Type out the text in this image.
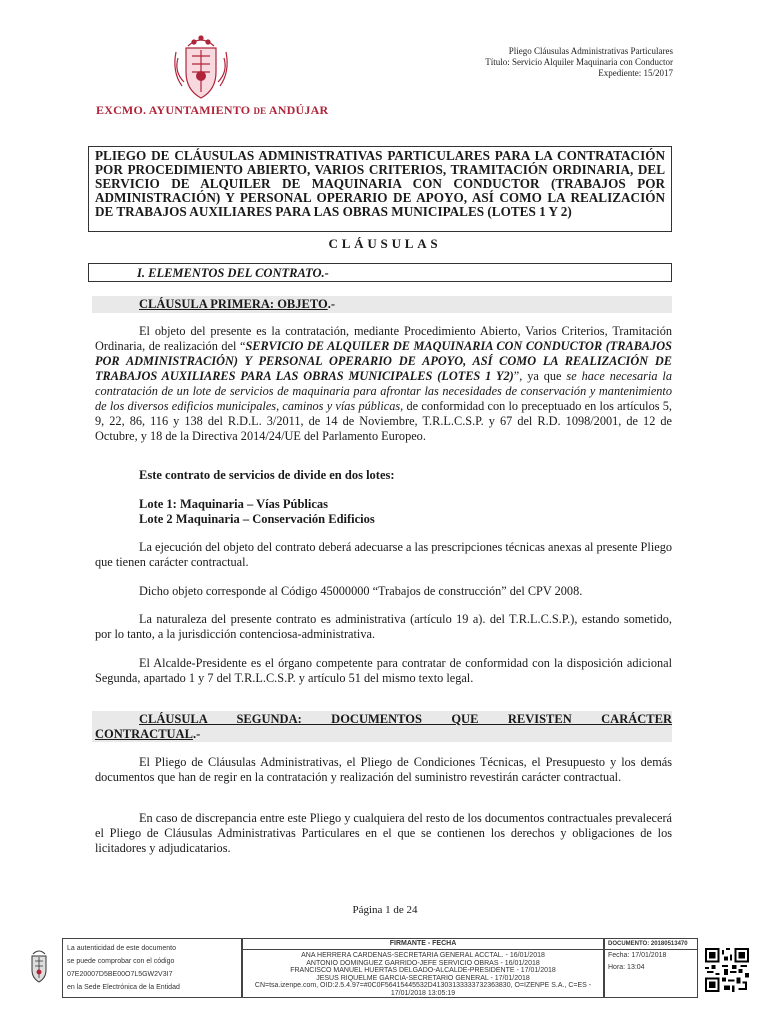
EXCMO. AYUNTAMIENTO DE ANDÚJAR
Pliego Cláusulas Administrativas Particulares
Título: Servicio Alquiler Maquinaria con Conductor
Expediente: 15/2017
PLIEGO DE CLÁUSULAS ADMINISTRATIVAS PARTICULARES PARA LA CONTRATACIÓN POR PROCEDIMIENTO ABIERTO, VARIOS CRITERIOS, TRAMITACIÓN ORDINARIA, DEL SERVICIO DE ALQUILER DE MAQUINARIA CON CONDUCTOR (TRABAJOS POR ADMINISTRACIÓN) Y PERSONAL OPERARIO DE APOYO, ASÍ COMO LA REALIZACIÓN
DE TRABAJOS AUXILIARES PARA LAS OBRAS MUNICIPALES (LOTES 1 Y 2)
CLÁUSULAS
I. ELEMENTOS DEL CONTRATO.-
CLÁUSULA PRIMERA: OBJETO.-
El objeto del presente es la contratación, mediante Procedimiento Abierto, Varios Criterios, Tramitación Ordinaria, de realización del “SERVICIO DE ALQUILER DE MAQUINARIA CON CONDUCTOR (TRABAJOS POR ADMINISTRACIÓN) Y PERSONAL OPERARIO DE APOYO, ASÍ COMO LA REALIZACIÓN DE TRABAJOS AUXILIARES PARA LAS OBRAS MUNICIPALES (LOTES 1 Y2)”, ya que se hace necesaria la contratación de un lote de servicios de maquinaria para afrontar las necesidades de conservación y mantenimiento de los diversos edificios municipales, caminos y vías públicas, de conformidad con lo preceptuado en los artículos 5, 9, 22, 86, 116 y 138 del R.D.L. 3/2011, de 14 de Noviembre, T.R.L.C.S.P. y 67 del R.D. 1098/2001, de 12 de Octubre, y 18 de la Directiva 2014/24/UE del Parlamento Europeo.
Este contrato de servicios de divide en dos lotes:
Lote 1: Maquinaria – Vías Públicas
Lote 2 Maquinaria – Conservación Edificios
La ejecución del objeto del contrato deberá adecuarse a las prescripciones técnicas anexas al presente Pliego que tienen carácter contractual.
Dicho objeto corresponde al Código 45000000 “Trabajos de construcción” del CPV 2008.
La naturaleza del presente contrato es administrativa (artículo 19 a). del T.R.L.C.S.P.), estando sometido, por lo tanto, a la jurisdicción contenciosa-administrativa.
El Alcalde-Presidente es el órgano competente para contratar de conformidad con la disposición adicional Segunda, apartado 1 y 7 del T.R.L.C.S.P. y artículo 51 del mismo texto legal.
CLÁUSULA SEGUNDA: DOCUMENTOS QUE REVISTEN CARÁCTER
CONTRACTUAL.-
El Pliego de Cláusulas Administrativas, el Pliego de Condiciones Técnicas, el Presupuesto y los demás documentos que han de regir en la contratación y realización del suministro revestirán carácter contractual.
En caso de discrepancia entre este Pliego y cualquiera del resto de los documentos contractuales prevalecerá el Pliego de Cláusulas Administrativas Particulares en el que se contienen los derechos y obligaciones de los licitadores y adjudicatarios.
Página 1 de 24
La autenticidad de este documento
se puede comprobar con el código
07E20007D5BE00O7L5GW2V3I7
en la Sede Electrónica de la Entidad
FIRMANTE - FECHA
ANA HERRERA CARDENAS-SECRETARIA GENERAL ACCTAL. - 16/01/2018
ANTONIO DOMINGUEZ GARRIDO-JEFE SERVICIO OBRAS - 16/01/2018
FRANCISCO MANUEL HUERTAS DELGADO-ALCALDE-PRESIDENTE - 17/01/2018
JESUS RIQUELME GARCIA-SECRETARIO GENERAL - 17/01/2018
CN=tsa.izenpe.com, OID:2.5.4.97=#0C0F56415445532D41303133333732363830, O=IZENPE S.A., C=ES -
17/01/2018 13:05:19
DOCUMENTO: 20180513470
Fecha: 17/01/2018
Hora: 13:04
